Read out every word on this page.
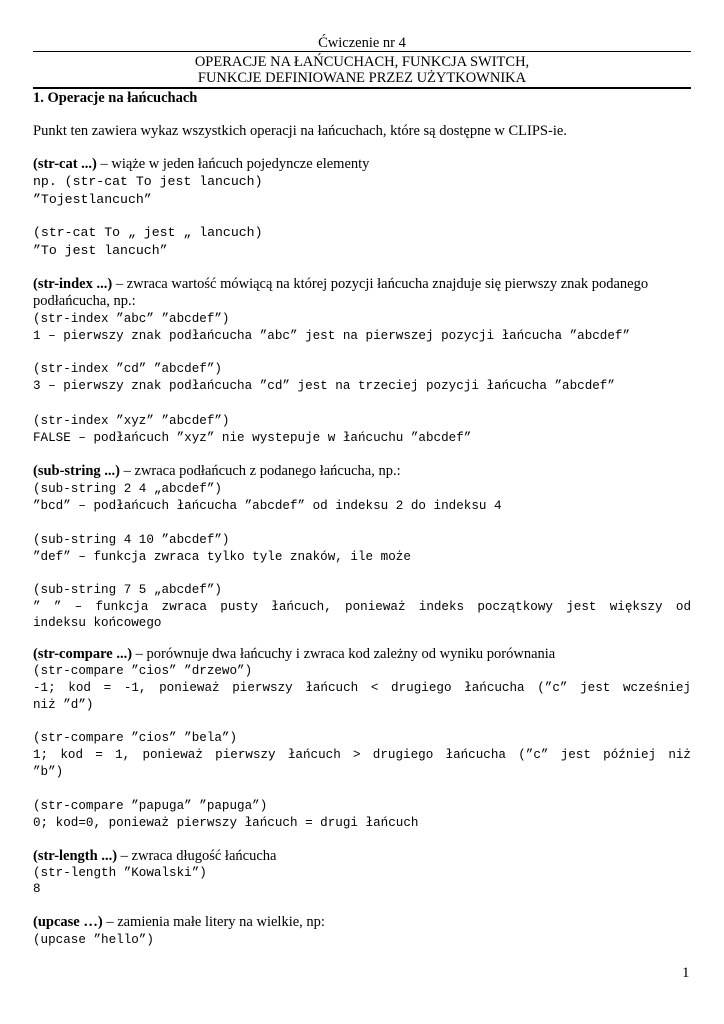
Ćwiczenie nr 4
OPERACJE NA ŁAŃCUCHACH, FUNKCJA SWITCH,
FUNKCJE DEFINIOWANE PRZEZ UŻYTKOWNIKA
1. Operacje na łańcuchach
Punkt ten zawiera wykaz wszystkich operacji na łańcuchach, które są dostępne w CLIPS-ie.
(str-cat ...) – wiąże w jeden łańcuch pojedyncze elementy
np. (str-cat To jest lancuch)
”Tojestlancuch”
(str-cat To „ jest „ lancuch)
”To jest lancuch”
(str-index ...) – zwraca wartość mówiącą na której pozycji łańcucha znajduje się pierwszy znak podanego
podłańcucha, np.:
(str-index ”abc” ”abcdef”)
1 – pierwszy znak podłańcucha ”abc” jest na pierwszej pozycji łańcucha ”abcdef”
(str-index ”cd” ”abcdef”)
3 – pierwszy znak podłańcucha ”cd” jest na trzeciej pozycji łańcucha ”abcdef”
(str-index ”xyz” ”abcdef”)
FALSE – podłańcuch ”xyz” nie wystepuje w łańcuchu ”abcdef”
(sub-string ...) – zwraca podłańcuch z podanego łańcucha, np.:
(sub-string 2 4 „abcdef”)
”bcd” – podłańcuch łańcucha ”abcdef” od indeksu 2 do indeksu 4
(sub-string 4 10 ”abcdef”)
”def” – funkcja zwraca tylko tyle znaków, ile może
(sub-string 7 5 „abcdef”)
” ” – funkcja zwraca pusty łańcuch, ponieważ indeks początkowy jest większy od
indeksu końcowego
(str-compare ...) – porównuje dwa łańcuchy i zwraca kod zależny od wyniku porównania
(str-compare ”cios” ”drzewo”)
-1; kod = -1, ponieważ pierwszy łańcuch < drugiego łańcucha (”c” jest wcześniej
niż ”d”)
(str-compare ”cios” ”bela”)
1; kod = 1, ponieważ pierwszy łańcuch > drugiego łańcucha (”c” jest później niż
”b”)
(str-compare ”papuga” ”papuga”)
0; kod=0, ponieważ pierwszy łańcuch = drugi łańcuch
(str-length ...) – zwraca długość łańcucha
(str-length ”Kowalski”)
8
(upcase …) – zamienia małe litery na wielkie, np:
(upcase ”hello”)
1
